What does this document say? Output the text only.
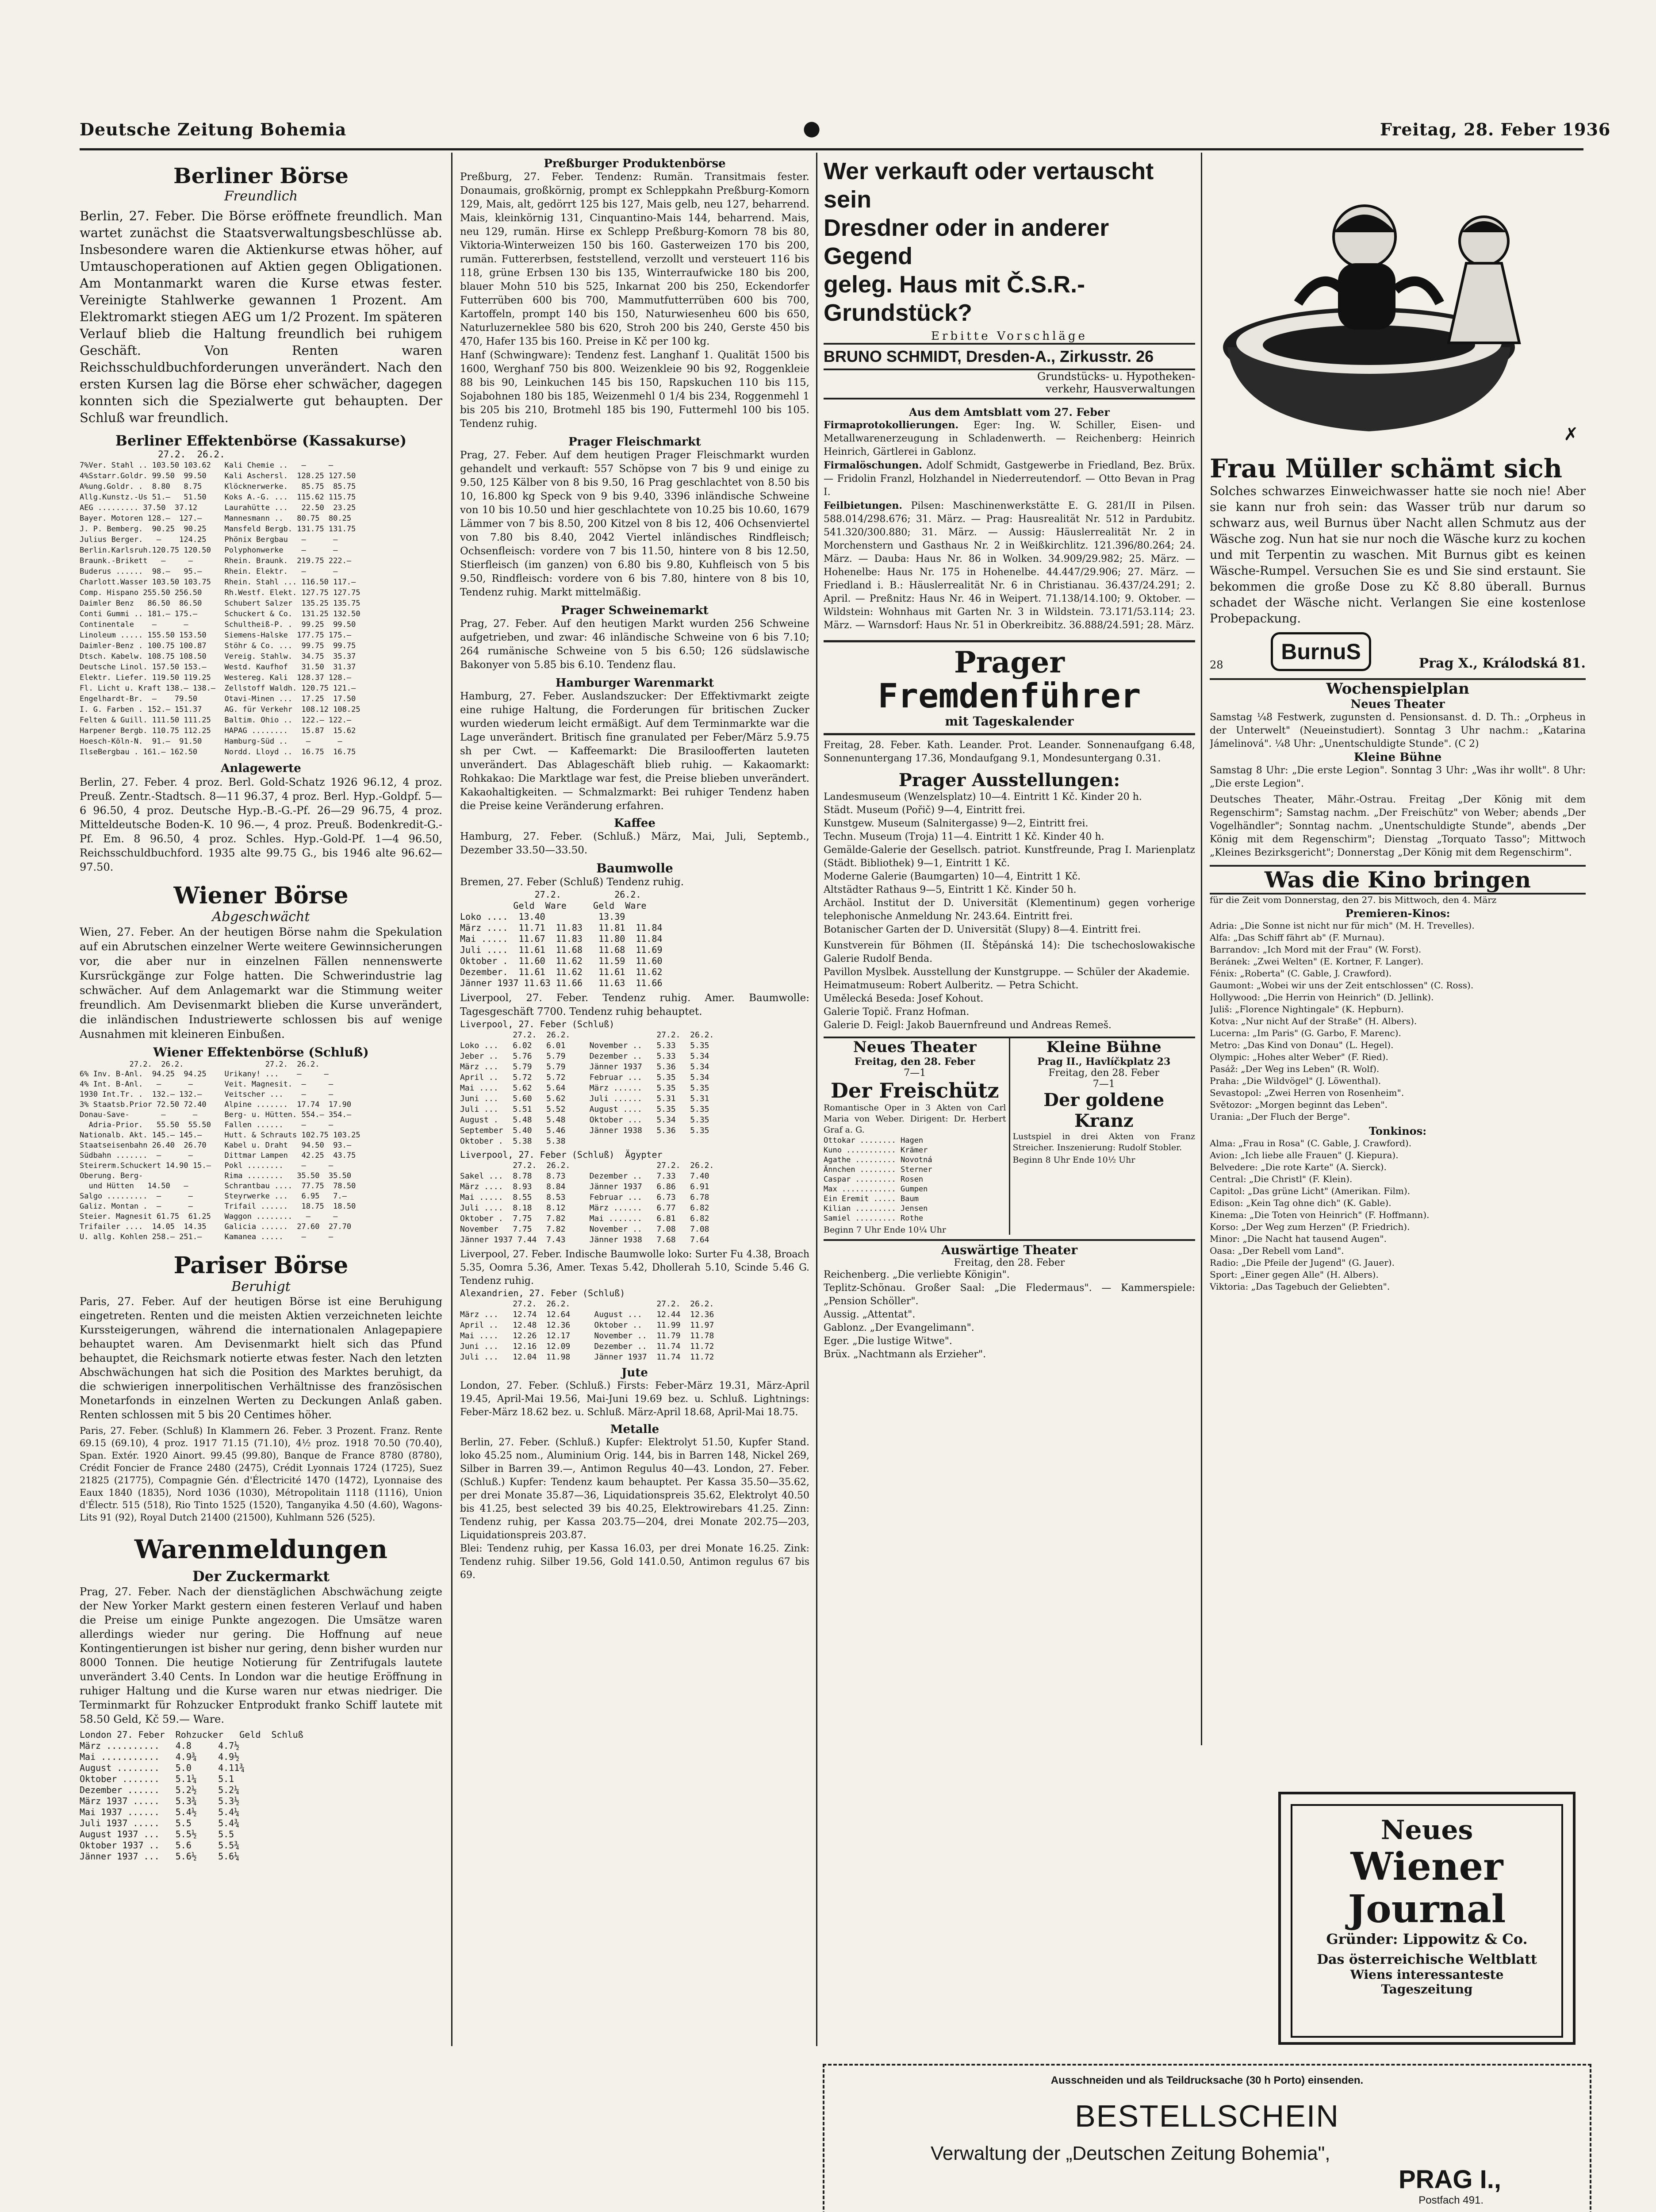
Deutsche Zeitung Bohemia	●	Freitag, 28. Feber 1936
Berliner Börse
Freundlich

Berlin, 27. Feber. Die Börse eröffnete freundlich. Man wartet zunächst die Staatsverwaltungsbeschlüsse ab. Insbesondere waren die Aktienkurse etwas höher, auf Umtauschoperationen auf Aktien gegen Obligationen. Am Montanmarkt waren die Kurse etwas fester. Vereinigte Stahlwerke gewannen 1 Prozent. Am Elektromarkt stiegen AEG um 1/2 Prozent. Im späteren Verlauf blieb die Haltung freundlich bei ruhigem Geschäft. Von Renten waren Reichsschuldbuchforderungen unverändert. Nach den ersten Kursen lag die Börse eher schwächer, dagegen konnten sich die Spezialwerte gut behaupten. Der Schluß war freundlich.

Berliner Effektenbörse (Kassakurse)
27.2.  26.2.
7%Ver. Stahl .. 103.50 103.62   Kali Chemie ..   —     —
4%Sstarr.Goldr. 99.50  99.50    Kali Aschersl.  128.25 127.50
A%ung.Goldr. .  8.80   8.75     Klöcknerwerke.   85.75  85.75
Allg.Kunstz.-Us 51.—   51.50    Koks A.-G. ...  115.62 115.75
AEG ......... 37.50  37.12      Laurahütte ...   22.50  23.25
Bayer. Motoren 128.—  127.—     Mannesmann ..   80.75  80.25
J. P. Bemberg.  90.25  90.25    Mansfeld Bergb. 131.75 131.75
Julius Berger.   —    124.25    Phönix Bergbau   —      —
Berlin.Karlsruh.120.75 120.50   Polyphonwerke    —      —
Braunk.-Brikett   —     —       Rhein. Braunk.  219.75 222.—
Buderus ......  98.—   95.—     Rhein. Elektr.   —      —
Charlott.Wasser 103.50 103.75   Rhein. Stahl ... 116.50 117.—
Comp. Hispano 255.50 256.50     Rh.Westf. Elekt. 127.75 127.75
Daimler Benz   86.50  86.50     Schubert Salzer  135.25 135.75
Conti Gummi .. 181.— 175.—      Schuckert & Co.  131.25 132.50
Continentale    —      —        Schultheiß-P. .  99.25  99.50
Linoleum ..... 155.50 153.50    Siemens-Halske  177.75 175.—
Daimler-Benz . 100.75 100.87    Stöhr & Co. ...  99.75  99.75
Dtsch. Kabelw. 108.75 108.50    Vereig. Stahlw.  34.75  35.37
Deutsche Linol. 157.50 153.—    Westd. Kaufhof   31.50  31.37
Elektr. Liefer. 119.50 119.25   Westereg. Kali  128.37 128.—
Fl. Licht u. Kraft 138.— 138.—  Zellstoff Waldh. 120.75 121.—
Engelhardt-Br.  —    79.50      Otavi-Minen ...  17.25  17.50
I. G. Farben . 152.— 151.37     AG. für Verkehr  108.12 108.25
Felten & Guill. 111.50 111.25   Baltim. Ohio ..  122.— 122.—
Harpener Bergb. 110.75 112.25   HAPAG ........   15.87  15.62
Hoesch-Köln-N.  91.—  91.50     Hamburg-Süd ..    —      —
IlseBergbau . 161.— 162.50      Nordd. Lloyd ..  16.75  16.75
Anlagewerte

Berlin, 27. Feber. 4 proz. Berl. Gold-Schatz 1926 96.12, 4 proz. Preuß. Zentr.-Stadtsch. 8—11 96.37, 4 proz. Berl. Hyp.-Goldpf. 5—6 96.50, 4 proz. Deutsche Hyp.-B.-G.-Pf. 26—29 96.75, 4 proz. Mitteldeutsche Boden-K. 10 96.—, 4 proz. Preuß. Bodenkredit-G.-Pf. Em. 8 96.50, 4 proz. Schles. Hyp.-Gold-Pf. 1—4 96.50, Reichsschuldbuchford. 1935 alte 99.75 G., bis 1946 alte 96.62—97.50.

Wiener Börse
Abgeschwächt

Wien, 27. Feber. An der heutigen Börse nahm die Spekulation auf ein Abrutschen einzelner Werte weitere Gewinnsicherungen vor, die aber nur in einzelnen Fällen nennenswerte Kursrückgänge zur Folge hatten. Die Schwerindustrie lag schwächer. Auf dem Anlagemarkt war die Stimmung weiter freundlich. Am Devisenmarkt blieben die Kurse unverändert, die inländischen Industriewerte schlossen bis auf wenige Ausnahmen mit kleineren Einbußen.

Wiener Effektenbörse (Schluß)
27.2.  26.2.                  27.2.  26.2.
6% Inv. B-Anl.  94.25  94.25    Urikany! ...    —     —
4% Int. B-Anl.   —      —       Veit. Magnesit.  —     —
1930 Int.Tr. .  132.— 132.—     Veitscher ...    —     —
3% Staatsb.Prior 72.50 72.40    Alpine .......  17.74  17.90
Donau-Save-       —      —      Berg- u. Hütten. 554.— 354.—
Adria-Prior.   55.50  55.50   Fallen ......    —     —
Nationalb. Akt. 145.— 145.—     Hutt. & Schrauts 102.75 103.25
Staatseisenbahn 26.40  26.70    Kabel u. Draht   94.50  93.—
Südbahn .......  —      —       Dittmar Lampen   42.25  43.75
Steirerm.Schuckert 14.90 15.—   Pokl ........    —     —
Oberung. Berg-                  Rima ........   35.50  35.50
und Hütten   14.50   —        Schrantbau ....  77.75  78.50
Salgo .........  —      —       Steyrwerke ...   6.95   7.—
Galiz. Montan .  —      —       Trifail ......   18.75  18.50
Steier. Magnesit 61.75  61.25   Waggon ........   —     —
Trifailer ....  14.05  14.35    Galicia ......  27.60  27.70
U. allg. Kohlen 258.— 251.—     Kamanea .....    —     —
Pariser Börse
Beruhigt

Paris, 27. Feber. Auf der heutigen Börse ist eine Beruhigung eingetreten. Renten und die meisten Aktien verzeichneten leichte Kurssteigerungen, während die internationalen Anlagepapiere behauptet waren. Am Devisenmarkt hielt sich das Pfund behauptet, die Reichsmark notierte etwas fester. Nach den letzten Abschwächungen hat sich die Position des Marktes beruhigt, da die schwierigen innerpolitischen Verhältnisse des französischen Monetarfonds in einzelnen Werten zu Deckungen Anlaß gaben. Renten schlossen mit 5 bis 20 Centimes höher.

Paris, 27. Feber. (Schluß) In Klammern 26. Feber. 3 Prozent. Franz. Rente 69.15 (69.10), 4 proz. 1917 71.15 (71.10), 4½ proz. 1918 70.50 (70.40), Span. Extér. 1920 Ainort. 99.45 (99.80), Banque de France 8780 (8780), Crédit Foncier de France 2480 (2475), Crédit Lyonnais 1724 (1725), Suez 21825 (21775), Compagnie Gén. d'Électricité 1470 (1472), Lyonnaise des Eaux 1840 (1835), Nord 1036 (1030), Métropolitain 1118 (1116), Union d'Électr. 515 (518), Rio Tinto 1525 (1520), Tanganyika 4.50 (4.60), Wagons-Lits 91 (92), Royal Dutch 21400 (21500), Kuhlmann 526 (525).

Warenmeldungen
Der Zuckermarkt

Prag, 27. Feber. Nach der dienstäglichen Abschwächung zeigte der New Yorker Markt gestern einen festeren Verlauf und haben die Preise um einige Punkte angezogen. Die Umsätze waren allerdings wieder nur gering. Die Hoffnung auf neue Kontingentierungen ist bisher nur gering, denn bisher wurden nur 8000 Tonnen. Die heutige Notierung für Zentrifugals lautete unverändert 3.40 Cents. In London war die heutige Eröffnung in ruhiger Haltung und die Kurse waren nur etwas niedriger. Die Terminmarkt für Rohzucker Entprodukt franko Schiff lautete mit 58.50 Geld, Kč 59.— Ware.

London 27. Feber  Rohzucker   Geld  Schluß
März ..........   4.8     4.7½
Mai ...........   4.9¾    4.9½
August ........   5.0     4.11¾
Oktober .......   5.1¼    5.1
Dezember ......   5.2½    5.2¼
März 1937 .....   5.3¾    5.3½
Mai 1937 ......   5.4½    5.4¼
Juli 1937 .....   5.5     5.4¾
August 1937 ...   5.5½    5.5
Oktober 1937 ..   5.6     5.5¾
Jänner 1937 ...   5.6½    5.6¼
Preßburger Produktenbörse

Preßburg, 27. Feber. Tendenz: Rumän. Transitmais fester. Donaumais, großkörnig, prompt ex Schleppkahn Preßburg-Komorn 129, Mais, alt, gedörrt 125 bis 127, Mais gelb, neu 127, beharrend. Mais, kleinkörnig 131, Cinquantino-Mais 144, beharrend. Mais, neu 129, rumän. Hirse ex Schlepp Preßburg-Komorn 78 bis 80, Viktoria-Winterweizen 150 bis 160. Gasterweizen 170 bis 200, rumän. Futtererbsen, feststellend, verzollt und versteuert 116 bis 118, grüne Erbsen 130 bis 135, Winterraufwicke 180 bis 200, blauer Mohn 510 bis 525, Inkarnat 200 bis 250, Eckendorfer Futterrüben 600 bis 700, Mammutfutterrüben 600 bis 700, Kartoffeln, prompt 140 bis 150, Naturwiesenheu 600 bis 650, Naturluzerneklee 580 bis 620, Stroh 200 bis 240, Gerste 450 bis 470, Hafer 135 bis 160. Preise in Kč per 100 kg.

Hanf (Schwingware): Tendenz fest. Langhanf 1. Qualität 1500 bis 1600, Werghanf 750 bis 800. Weizenkleie 90 bis 92, Roggenkleie 88 bis 90, Leinkuchen 145 bis 150, Rapskuchen 110 bis 115, Sojabohnen 180 bis 185, Weizenmehl 0 1/4 bis 234, Roggenmehl 1 bis 205 bis 210, Brotmehl 185 bis 190, Futtermehl 100 bis 105. Tendenz ruhig.

Prager Fleischmarkt

Prag, 27. Feber. Auf dem heutigen Prager Fleischmarkt wurden gehandelt und verkauft: 557 Schöpse von 7 bis 9 und einige zu 9.50, 125 Kälber von 8 bis 9.50, 16 Prag geschlachtet von 8.50 bis 10, 16.800 kg Speck von 9 bis 9.40, 3396 inländische Schweine von 10 bis 10.50 und hier geschlachtete von 10.25 bis 10.60, 1679 Lämmer von 7 bis 8.50, 200 Kitzel von 8 bis 12, 406 Ochsenviertel von 7.80 bis 8.40, 2042 Viertel inländisches Rindfleisch; Ochsenfleisch: vordere von 7 bis 11.50, hintere von 8 bis 12.50, Stierfleisch (im ganzen) von 6.80 bis 9.80, Kuhfleisch von 5 bis 9.50, Rindfleisch: vordere von 6 bis 7.80, hintere von 8 bis 10, Tendenz ruhig. Markt mittelmäßig.

Prager Schweinemarkt

Prag, 27. Feber. Auf den heutigen Markt wurden 256 Schweine aufgetrieben, und zwar: 46 inländische Schweine von 6 bis 7.10; 264 rumänische Schweine von 5 bis 6.50; 126 südslawische Bakonyer von 5.85 bis 6.10. Tendenz flau.

Hamburger Warenmarkt

Hamburg, 27. Feber. Auslandszucker: Der Effektivmarkt zeigte eine ruhige Haltung, die Forderungen für britischen Zucker wurden wiederum leicht ermäßigt. Auf dem Terminmarkte war die Lage unverändert. Britisch fine granulated per Feber/März 5.9.75 sh per Cwt. — Kaffeemarkt: Die Brasiloofferten lauteten unverändert. Das Ablageschäft blieb ruhig. — Kakaomarkt: Rohkakao: Die Marktlage war fest, die Preise blieben unverändert. Kakaohaltigkeiten. — Schmalzmarkt: Bei ruhiger Tendenz haben die Preise keine Veränderung erfahren.

Kaffee

Hamburg, 27. Feber. (Schluß.) März, Mai, Juli, Septemb., Dezember 33.50—33.50.

Baumwolle

Bremen, 27. Feber (Schluß) Tendenz ruhig.

27.2.          26.2.
Geld  Ware     Geld  Ware
Loko ....  13.40          13.39
März ....  11.71  11.83   11.81  11.84
Mai .....  11.67  11.83   11.80  11.84
Juli ....  11.61  11.68   11.68  11.69
Oktober .  11.60  11.62   11.59  11.60
Dezember.  11.61  11.62   11.61  11.62
Jänner 1937 11.63 11.66   11.63  11.66

Liverpool, 27. Feber. Tendenz ruhig. Amer. Baumwolle: Tagesgeschäft 7700. Tendenz ruhig behauptet.

Liverpool, 27. Feber (Schluß)
27.2.  26.2.                  27.2.  26.2.
Loko ...   6.02   6.01     November ..   5.33   5.35
Jeber ..   5.76   5.79     Dezember ..   5.33   5.34
März ...   5.79   5.79     Jänner 1937   5.36   5.34
April ..   5.72   5.72     Februar ...   5.35   5.34
Mai ....   5.62   5.64     März ......   5.35   5.35
Juni ...   5.60   5.62     Juli ......   5.31   5.31
Juli ...   5.51   5.52     August ....   5.35   5.35
August .   5.48   5.48     Oktober ...   5.34   5.35
September  5.40   5.46     Jänner 1938   5.36   5.35
Oktober .  5.38   5.38
Liverpool, 27. Feber (Schluß)  Ägypter
27.2.  26.2.                  27.2.  26.2.
Sakel ...  8.78   8.73     Dezember ..   7.33   7.40
März ....  8.93   8.84     Jänner 1937   6.86   6.91
Mai .....  8.55   8.53     Februar ...   6.73   6.78
Juli ....  8.18   8.12     März ......   6.77   6.82
Oktober .  7.75   7.82     Mai .......   6.81   6.82
November   7.75   7.82     November ..   7.08   7.08
Jänner 1937 7.44  7.43     Jänner 1938   7.68   7.64

Liverpool, 27. Feber. Indische Baumwolle loko: Surter Fu 4.38, Broach 5.35, Oomra 5.36, Amer. Texas 5.42, Dhollerah 5.10, Scinde 5.46 G. Tendenz ruhig.

Alexandrien, 27. Feber (Schluß)
27.2.  26.2.                  27.2.  26.2.
März ...   12.74  12.64     August ...   12.44  12.36
April ..   12.48  12.36     Oktober ..   11.99  11.97
Mai ....   12.26  12.17     November ..  11.79  11.78
Juni ...   12.16  12.09     Dezember ..  11.74  11.72
Juli ...   12.04  11.98     Jänner 1937  11.74  11.72
Jute

London, 27. Feber. (Schluß.) Firsts: Feber-März 19.31, März-April 19.45, April-Mai 19.56, Mai-Juni 19.69 bez. u. Schluß. Lightnings: Feber-März 18.62 bez. u. Schluß. März-April 18.68, April-Mai 18.75.

Metalle

Berlin, 27. Feber. (Schluß.) Kupfer: Elektrolyt 51.50, Kupfer Stand. loko 45.25 nom., Aluminium Orig. 144, bis in Barren 148, Nickel 269, Silber in Barren 39.—, Antimon Regulus 40—43. London, 27. Feber. (Schluß.) Kupfer: Tendenz kaum behauptet. Per Kassa 35.50—35.62, per drei Monate 35.87—36, Liquidationspreis 35.62, Elektrolyt 40.50 bis 41.25, best selected 39 bis 40.25, Elektrowirebars 41.25. Zinn: Tendenz ruhig, per Kassa 203.75—204, drei Monate 202.75—203, Liquidationspreis 203.87.

Blei: Tendenz ruhig, per Kassa 16.03, per drei Monate 16.25. Zink: Tendenz ruhig. Silber 19.56, Gold 141.0.50, Antimon regulus 67 bis 69.

Wer verkauft oder vertauscht sein
Dresdner oder in anderer Gegend
geleg. Haus mit Č.S.R.-Grundstück?
Erbitte Vorschläge
BRUNO SCHMIDT, Dresden-A., Zirkusstr. 26
Grundstücks- u. Hypotheken-
verkehr, Hausverwaltungen
Aus dem Amtsblatt vom 27. Feber

Firmaprotokollierungen. Eger: Ing. W. Schiller, Eisen- und Metallwarenerzeugung in Schladenwerth. — Reichenberg: Heinrich Heinrich, Gärtlerei in Gablonz.

Firmalöschungen. Adolf Schmidt, Gastgewerbe in Friedland, Bez. Brüx. — Fridolin Franzl, Holzhandel in Niederreutendorf. — Otto Bevan in Prag I.

Feilbietungen. Pilsen: Maschinenwerkstätte E. G. 281/II in Pilsen. 588.014/298.676; 31. März. — Prag: Hausrealität Nr. 512 in Pardubitz. 541.320/300.880; 31. März. — Aussig: Häuslerrealität Nr. 2 in Morchenstern und Gasthaus Nr. 2 in Weißkirchlitz. 121.396/80.264; 24. März. — Dauba: Haus Nr. 86 in Wolken. 34.909/29.982; 25. März. — Hohenelbe: Haus Nr. 175 in Hohenelbe. 44.447/29.906; 27. März. — Friedland i. B.: Häuslerrealität Nr. 6 in Christianau. 36.437/24.291; 2. April. — Preßnitz: Haus Nr. 46 in Weipert. 71.138/14.100; 9. Oktober. — Wildstein: Wohnhaus mit Garten Nr. 3 in Wildstein. 73.171/53.114; 23. März. — Warnsdorf: Haus Nr. 51 in Oberkreibitz. 36.888/24.591; 28. März.

Prager
Fremdenführer
mit Tageskalender

Freitag, 28. Feber. Kath. Leander. Prot. Leander. Sonnenaufgang 6.48, Sonnenuntergang 17.36, Mondaufgang 9.1, Mondesuntergang 0.31.

Prager Ausstellungen:

Landesmuseum (Wenzelsplatz) 10—4. Eintritt 1 Kč. Kinder 20 h.
Städt. Museum (Pořič) 9—4, Eintritt frei.
Kunstgew. Museum (Salnitergasse) 9—2, Eintritt frei.
Techn. Museum (Troja) 11—4. Eintritt 1 Kč. Kinder 40 h.
Gemälde-Galerie der Gesellsch. patriot. Kunstfreunde, Prag I. Marienplatz (Städt. Bibliothek) 9—1, Eintritt 1 Kč.
Moderne Galerie (Baumgarten) 10—4, Eintritt 1 Kč.
Altstädter Rathaus 9—5, Eintritt 1 Kč. Kinder 50 h.
Archäol. Institut der D. Universität (Klementinum) gegen vorherige telephonische Anmeldung Nr. 243.64. Eintritt frei.
Botanischer Garten der D. Universität (Slupy) 8—4. Eintritt frei.

Kunstverein für Böhmen (II. Štěpánská 14): Die tschechoslowakische Galerie Rudolf Benda.
Pavillon Myslbek. Ausstellung der Kunstgruppe. — Schüler der Akademie.
Heimatmuseum: Robert Aulberitz. — Petra Schicht.
Umělecká Beseda: Josef Kohout.
Galerie Topič. Franz Hofman.
Galerie D. Feigl: Jakob Bauernfreund und Andreas Remeš.

Neues Theater
Freitag, den 28. Feber
7—1
Der Freischütz

Romantische Oper in 3 Akten von Carl Maria von Weber. Dirigent: Dr. Herbert Graf a. G.

Ottokar ........ Hagen
Kuno ........... Krämer
Agathe ......... Novotná
Ännchen ........ Sterner
Caspar ......... Rosen
Max ............ Gumpen
Ein Eremit ..... Baum
Kilian ......... Jensen
Samiel ......... Rothe
Beginn 7 Uhr Ende 10¼ Uhr
Kleine Bühne
Prag II., Havlíčkplatz 23
Freitag, den 28. Feber
7—1
Der goldene Kranz

Lustspiel in drei Akten von Franz Streicher. Inszenierung: Rudolf Stobler.

Beginn 8 Uhr Ende 10½ Uhr
Auswärtige Theater
Freitag, den 28. Feber

Reichenberg. „Die verliebte Königin".
Teplitz-Schönau. Großer Saal: „Die Fledermaus". — Kammerspiele: „Pension Schöller".
Aussig. „Attentat".
Gablonz. „Der Evangelimann".
Eger. „Die lustige Witwe".
Brüx. „Nachtmann als Erzieher".

✗
Frau Müller schämt sich

Solches schwarzes Einweichwasser hatte sie noch nie! Aber sie kann nur froh sein: das Wasser trüb nur darum so schwarz aus, weil Burnus über Nacht allen Schmutz aus der Wäsche zog. Nun hat sie nur noch die Wäsche kurz zu kochen und mit Terpentin zu waschen. Mit Burnus gibt es keinen Wäsche-Rumpel. Versuchen Sie es und Sie sind erstaunt. Sie bekommen die große Dose zu Kč 8.80 überall. Burnus schadet der Wäsche nicht. Verlangen Sie eine kostenlose Probepackung.

28
BurnuS	Prag X., Králodská 81.
Wochenspielplan
Neues Theater

Samstag ¼8 Festwerk, zugunsten d. Pensionsanst. d. D. Th.: „Orpheus in der Unterwelt" (Neueinstudiert). Sonntag 3 Uhr nachm.: „Katarina Jámelinová". ¼8 Uhr: „Unentschuldigte Stunde". (C 2)

Kleine Bühne

Samstag 8 Uhr: „Die erste Legion". Sonntag 3 Uhr: „Was ihr wollt". 8 Uhr: „Die erste Legion".

Deutsches Theater, Mähr.-Ostrau. Freitag „Der König mit dem Regenschirm"; Samstag nachm. „Der Freischütz" von Weber; abends „Der Vogelhändler"; Sonntag nachm. „Unentschuldigte Stunde", abends „Der König mit dem Regenschirm"; Dienstag „Torquato Tasso"; Mittwoch „Kleines Bezirksgericht"; Donnerstag „Der König mit dem Regenschirm".

Was die Kino bringen
für die Zeit vom Donnerstag, den 27. bis Mittwoch, den 4. März
Premieren-Kinos:

Adria: „Die Sonne ist nicht nur für mich" (M. H. Trevelles).
Alfa: „Das Schiff fährt ab" (F. Murnau).
Barrandov: „Ich Mord mit der Frau" (W. Forst).
Beránek: „Zwei Welten" (E. Kortner, F. Langer).
Fénix: „Roberta" (C. Gable, J. Crawford).
Gaumont: „Wobei wir uns der Zeit entschlossen" (C. Ross).
Hollywood: „Die Herrin von Heinrich" (D. Jellink).
Juliš: „Florence Nightingale" (K. Hepburn).
Kotva: „Nur nicht Auf der Straße" (H. Albers).
Lucerna: „Im Paris" (G. Garbo, F. Marenc).
Metro: „Das Kind von Donau" (L. Hegel).
Olympic: „Hohes alter Weber" (F. Ried).
Pasáž: „Der Weg ins Leben" (R. Wolf).
Praha: „Die Wildvögel" (J. Löwenthal).
Sevastopol: „Zwei Herren von Rosenheim".
Světozor: „Morgen beginnt das Leben".
Urania: „Der Fluch der Berge".

Tonkinos:

Alma: „Frau in Rosa" (C. Gable, J. Crawford).
Avion: „Ich liebe alle Frauen" (J. Kiepura).
Belvedere: „Die rote Karte" (A. Sierck).
Central: „Die Christl" (F. Klein).
Capitol: „Das grüne Licht" (Amerikan. Film).
Edison: „Kein Tag ohne dich" (K. Gable).
Kinema: „Die Toten von Heinrich" (F. Hoffmann).
Korso: „Der Weg zum Herzen" (P. Friedrich).
Minor: „Die Nacht hat tausend Augen".
Oasa: „Der Rebell vom Land".
Radio: „Die Pfeile der Jugend" (G. Jauer).
Sport: „Einer gegen Alle" (H. Albers).
Viktoria: „Das Tagebuch der Geliebten".

Neues
Wiener Journal
Gründer: Lippowitz & Co.
Das österreichische Weltblatt
Wiens interessanteste
Tageszeitung
Ausschneiden und als Teildrucksache (30 h Porto) einsenden.
BESTELLSCHEIN
Verwaltung der „Deutschen Zeitung Bohemia",
PRAG I.,
Postfach 491.
